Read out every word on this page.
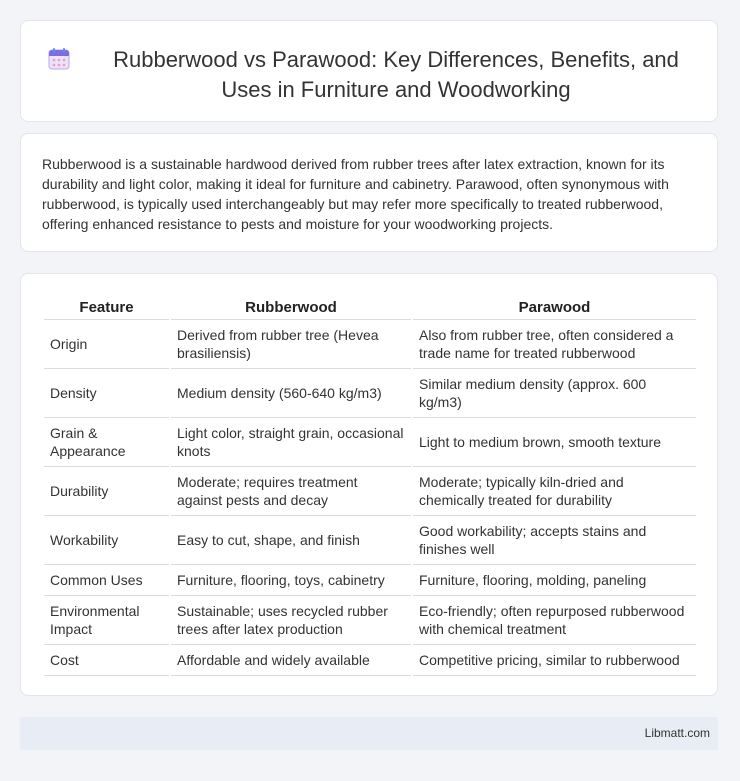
Rubberwood vs Parawood: Key Differences, Benefits, and Uses in Furniture and Woodworking

Rubberwood is a sustainable hardwood derived from rubber trees after latex extraction, known for its durability and light color, making it ideal for furniture and cabinetry. Parawood, often synonymous with rubberwood, is typically used interchangeably but may refer more specifically to treated rubberwood, offering enhanced resistance to pests and moisture for your woodworking projects.

Feature	Rubberwood	Parawood
Origin	Derived from rubber tree (Hevea brasiliensis)	Also from rubber tree, often considered a trade name for treated rubberwood
Density	Medium density (560-640 kg/m3)	Similar medium density (approx. 600 kg/m3)
Grain & Appearance	Light color, straight grain, occasional knots	Light to medium brown, smooth texture
Durability	Moderate; requires treatment against pests and decay	Moderate; typically kiln-dried and chemically treated for durability
Workability	Easy to cut, shape, and finish	Good workability; accepts stains and finishes well
Common Uses	Furniture, flooring, toys, cabinetry	Furniture, flooring, molding, paneling
Environmental Impact	Sustainable; uses recycled rubber trees after latex production	Eco-friendly; often repurposed rubberwood with chemical treatment
Cost	Affordable and widely available	Competitive pricing, similar to rubberwood
Libmatt.com
